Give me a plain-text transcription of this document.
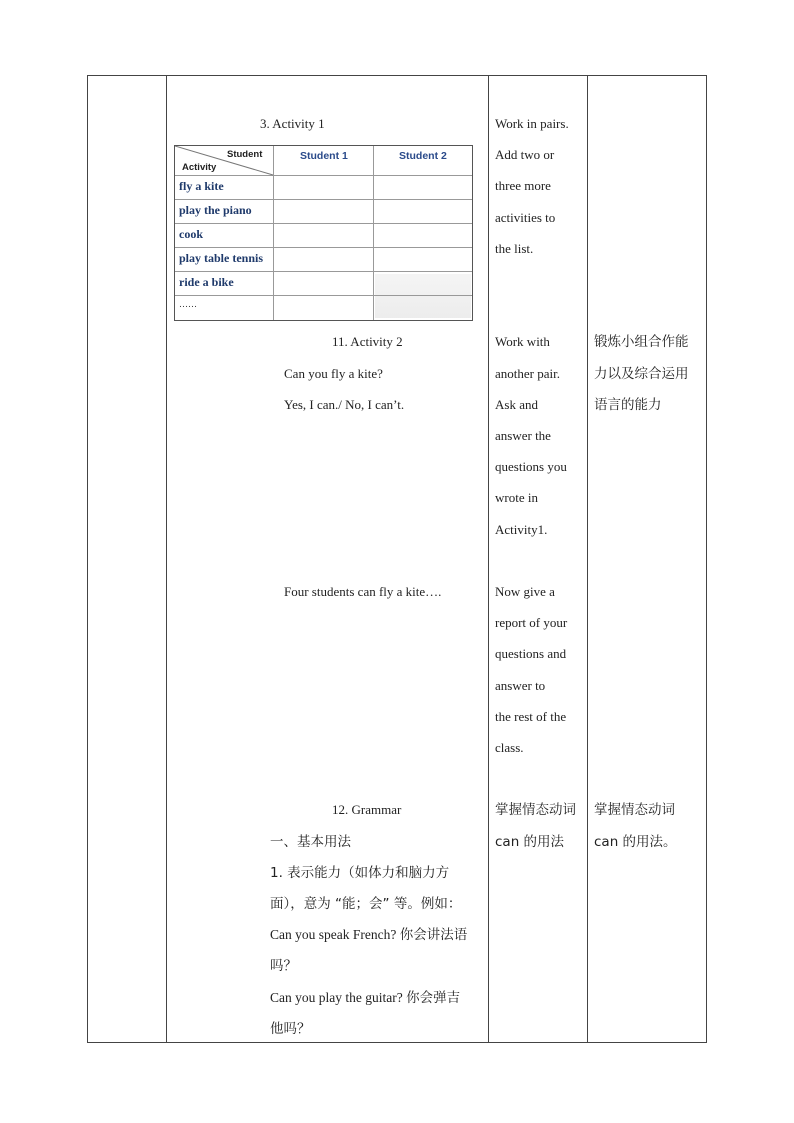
3. Activity 1
Student
Activity
Student 1	Student 2
fly a kite
play the piano
cook
play table tennis
ride a bike
……
11. Activity 2
Can you fly a kite?
Yes, I can./ No, I can’t.
Four students can fly a kite….
12. Grammar
一、基本用法
1. 表示能力（如体力和脑力方
面），意为 “能；会” 等。例如：
Can you speak French? 你会讲法语
吗？
Can you play the guitar? 你会弹吉
他吗？
Work in pairs.
Add two or
three more
activities to
the list.
Work with
another pair.
Ask and
answer the
questions you
wrote in
Activity1.
Now give a
report of your
questions and
answer to
the rest of the
class.
掌握情态动词
can 的用法
锻炼小组合作能
力以及综合运用
语言的能力
掌握情态动词
can 的用法。
